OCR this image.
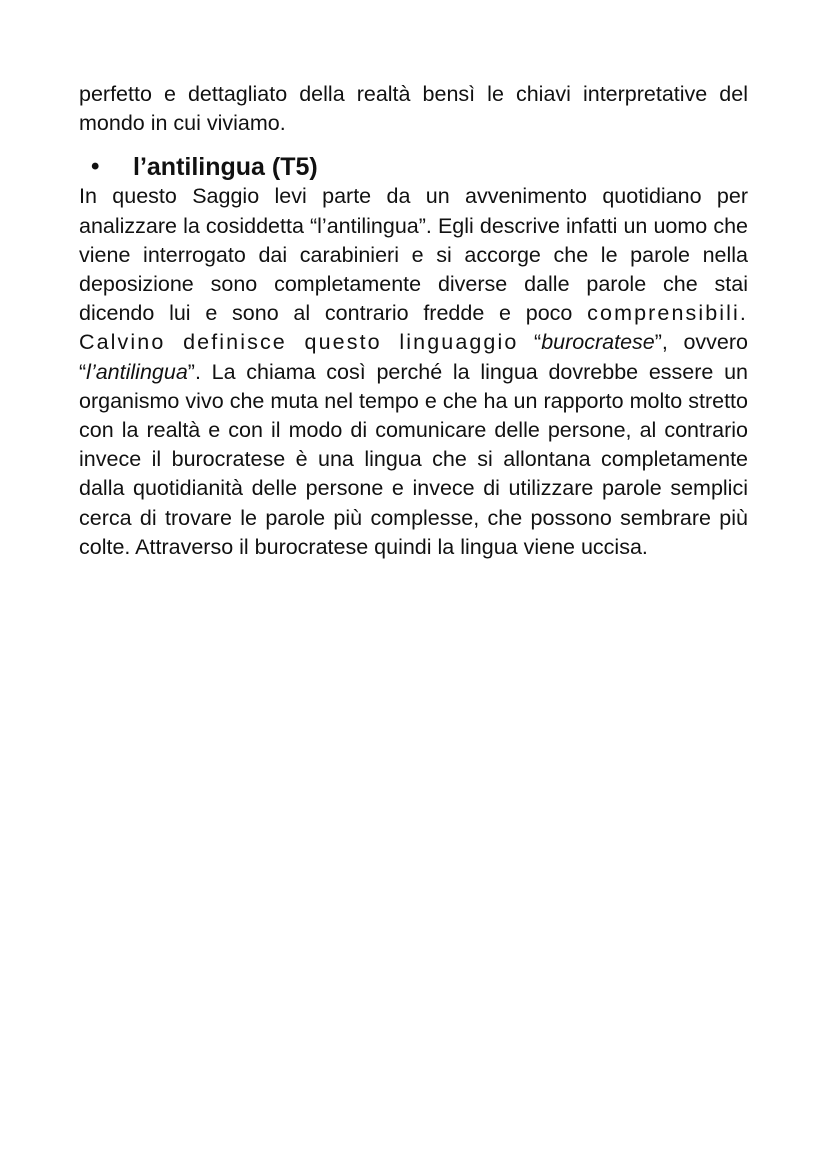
perfetto e dettagliato della realtà bensì le chiavi interpretative del mondo in cui viviamo.

•	l’antilingua (T5)

In questo Saggio levi parte da un avvenimento quotidiano per analizzare la cosiddetta “l’antilingua”. Egli descrive infatti un uomo che viene interrogato dai carabinieri e si accorge che le parole nella deposizione sono completamente diverse dalle parole che stai dicendo lui e sono al contrario fredde e poco comprensibili. Calvino definisce questo linguaggio “burocratese”, ovvero “l’antilingua”. La chiama così perché la lingua dovrebbe essere un organismo vivo che muta nel tempo e che ha un rapporto molto stretto con la realtà e con il modo di comunicare delle persone, al contrario invece il burocratese è una lingua che si allontana completamente dalla quotidianità delle persone e invece di utilizzare parole semplici cerca di trovare le parole più complesse, che possono sembrare più colte. Attraverso il burocratese quindi la lingua viene uccisa.
